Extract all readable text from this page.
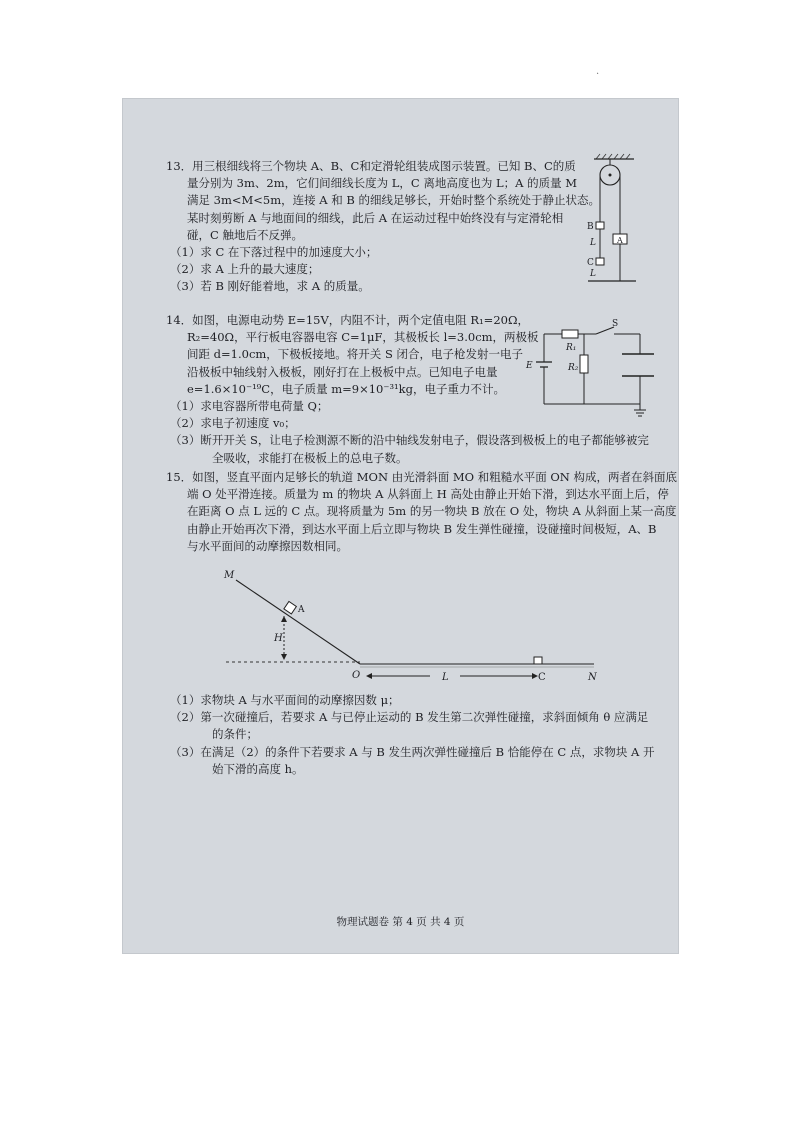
.

13．用三根细线将三个物块 A、B、C和定滑轮组装成图示装置。已知 B、C的质

量分别为 3m、2m，它们间细线长度为 L，C 离地高度也为 L；A 的质量 M

满足 3m<M<5m，连接 A 和 B 的细线足够长，开始时整个系统处于静止状态。

某时刻剪断 A 与地面间的细线，此后 A 在运动过程中始终没有与定滑轮相

碰，C 触地后不反弹。

（1）求 C 在下落过程中的加速度大小；

（2）求 A 上升的最大速度；

（3）若 B 刚好能着地，求 A 的质量。

B
A
C
L
L

14．如图，电源电动势 E=15V，内阻不计，两个定值电阻 R₁=20Ω，

R₂=40Ω，平行板电容器电容 C=1μF，其极板长 l=3.0cm，两极板

间距 d=1.0cm，下极板接地。将开关 S 闭合，电子枪发射一电子

沿极板中轴线射入极板，刚好打在上极板中点。已知电子电量

e=1.6×10⁻¹⁹C，电子质量 m=9×10⁻³¹kg，电子重力不计。

（1）求电容器所带电荷量 Q；

（2）求电子初速度 v₀；

（3）断开开关 S，让电子检测源不断的沿中轴线发射电子，假设落到极板上的电子都能够被完

全吸收，求能打在极板上的总电子数。

S
R₁
R₂
E

15．如图，竖直平面内足够长的轨道 MON 由光滑斜面 MO 和粗糙水平面 ON 构成，两者在斜面底

端 O 处平滑连接。质量为 m 的物块 A 从斜面上 H 高处由静止开始下滑，到达水平面上后，停

在距离 O 点 L 远的 C 点。现将质量为 5m 的另一物块 B 放在 O 处，物块 A 从斜面上某一高度

由静止开始再次下滑，到达水平面上后立即与物块 B 发生弹性碰撞，设碰撞时间极短，A、B

与水平面间的动摩擦因数相同。

M
A
H
O	L	C	N

（1）求物块 A 与水平面间的动摩擦因数 μ；

（2）第一次碰撞后，若要求 A 与已停止运动的 B 发生第二次弹性碰撞，求斜面倾角 θ 应满足

的条件；

（3）在满足（2）的条件下若要求 A 与 B 发生两次弹性碰撞后 B 恰能停在 C 点，求物块 A 开

始下滑的高度 h。

物理试题卷 第 4 页 共 4 页
